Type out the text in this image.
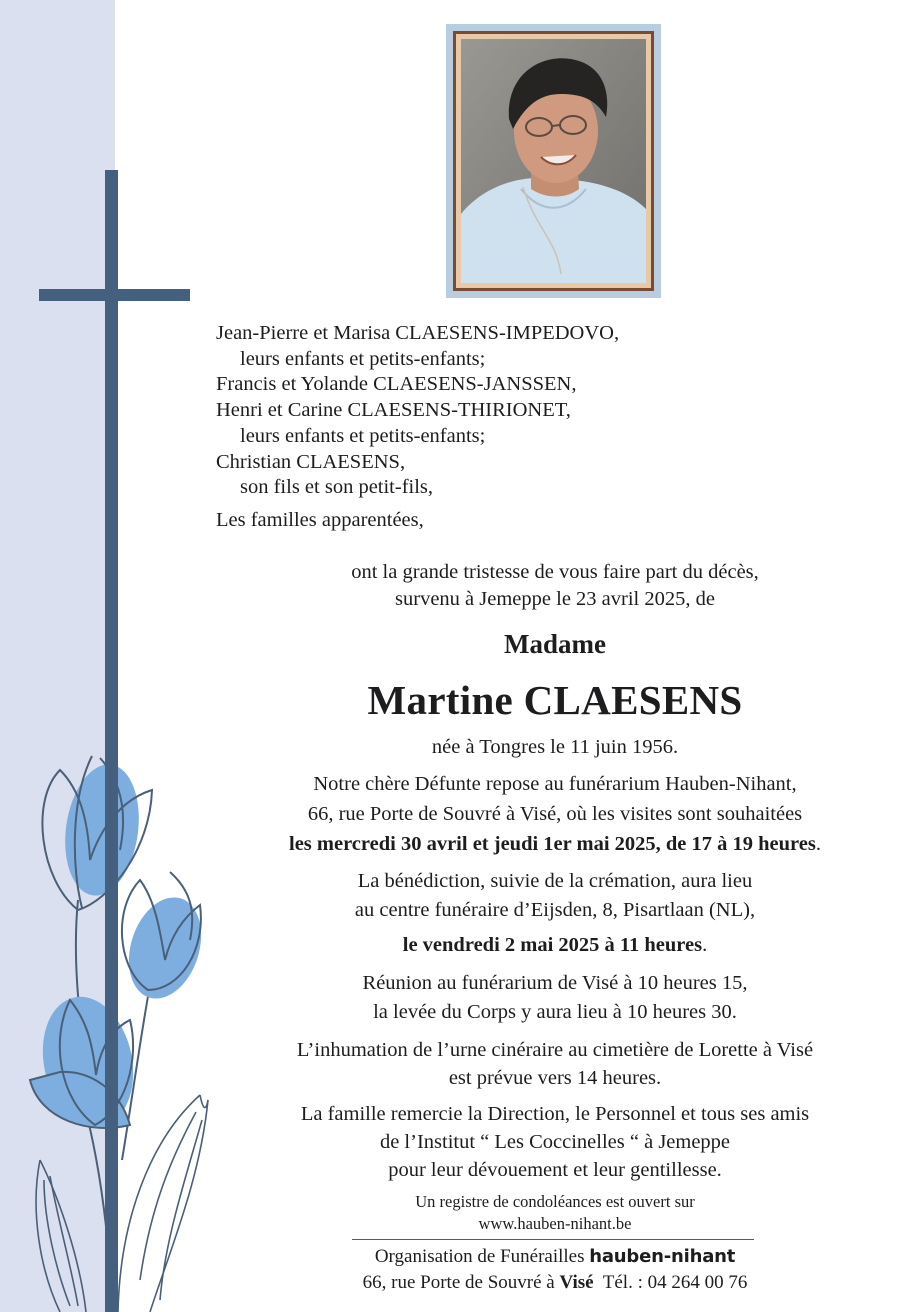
Jean-Pierre et Marisa CLAESENS-IMPEDOVO,
leurs enfants et petits-enfants;
Francis et Yolande CLAESENS-JANSSEN,
Henri et Carine CLAESENS-THIRIONET,
leurs enfants et petits-enfants;
Christian CLAESENS,
son fils et son petit-fils,
Les familles apparentées,
ont la grande tristesse de vous faire part du décès,
survenu à Jemeppe le 23 avril 2025, de
Madame
Martine CLAESENS
née à Tongres le 11 juin 1956.
Notre chère Défunte repose au funérarium Hauben-Nihant,
66, rue Porte de Souvré à Visé, où les visites sont souhaitées
les mercredi 30 avril et jeudi 1er mai 2025, de 17 à 19 heures.
La bénédiction, suivie de la crémation, aura lieu
au centre funéraire d’Eijsden, 8, Pisartlaan (NL),
le vendredi 2 mai 2025 à 11 heures.
Réunion au funérarium de Visé à 10 heures 15,
la levée du Corps y aura lieu à 10 heures 30.
L’inhumation de l’urne cinéraire au cimetière de Lorette à Visé
est prévue vers 14 heures.
La famille remercie la Direction, le Personnel et tous ses amis
de l’Institut “ Les Coccinelles “ à Jemeppe
pour leur dévouement et leur gentillesse.
Un registre de condoléances est ouvert sur
www.hauben-nihant.be
Organisation de Funérailles hauben-nihant
66, rue Porte de Souvré à Visé Tél. : 04 264 00 76
